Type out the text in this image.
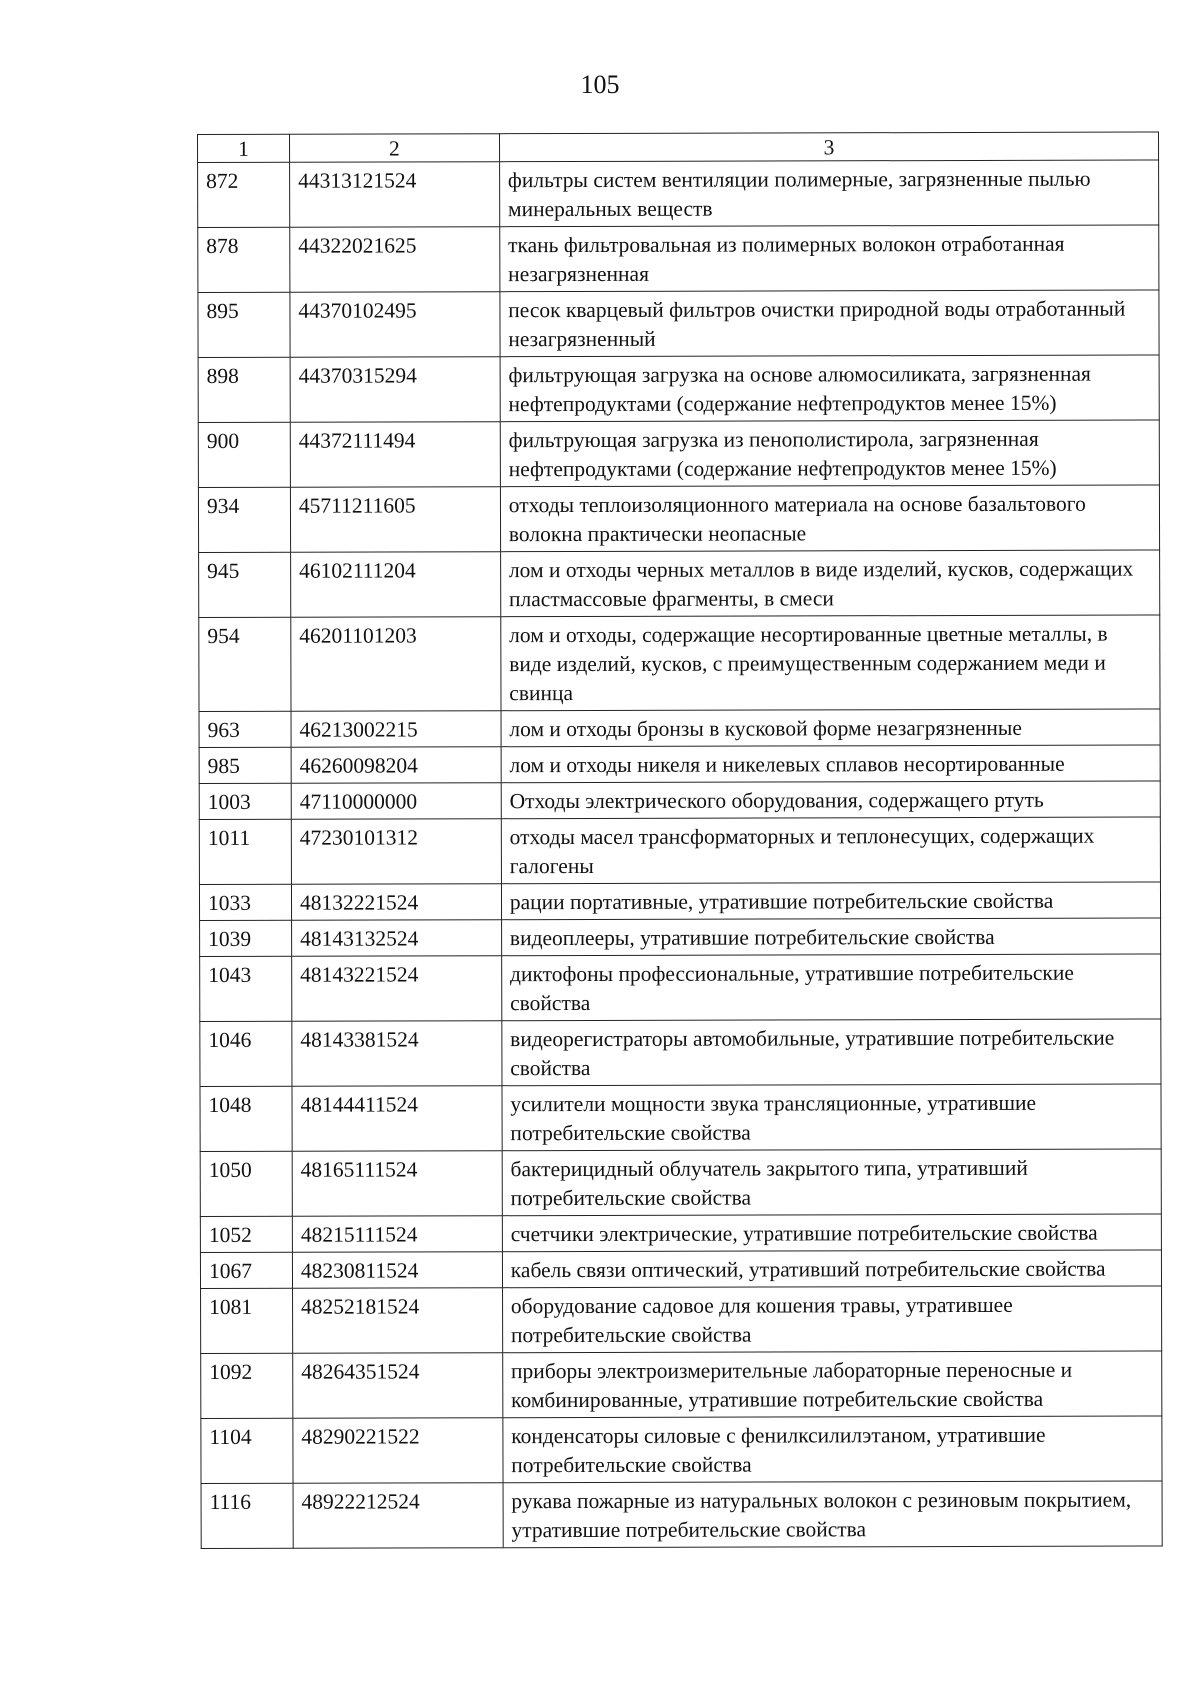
105
1	2	3
872	44313121524	фильтры систем вентиляции полимерные, загрязненные пылью минеральных веществ
878	44322021625	ткань фильтровальная из полимерных волокон отработанная незагрязненная
895	44370102495	песок кварцевый фильтров очистки природной воды отработанный незагрязненный
898	44370315294	фильтрующая загрузка на основе алюмосиликата, загрязненная нефтепродуктами (содержание нефтепродуктов менее 15%)
900	44372111494	фильтрующая загрузка из пенополистирола, загрязненная нефтепродуктами (содержание нефтепродуктов менее 15%)
934	45711211605	отходы теплоизоляционного материала на основе базальтового волокна практически неопасные
945	46102111204	лом и отходы черных металлов в виде изделий, кусков, содержащих пластмассовые фрагменты, в смеси
954	46201101203	лом и отходы, содержащие несортированные цветные металлы, в виде изделий, кусков, с преимущественным содержанием меди и свинца
963	46213002215	лом и отходы бронзы в кусковой форме незагрязненные
985	46260098204	лом и отходы никеля и никелевых сплавов несортированные
1003	47110000000	Отходы электрического оборудования, содержащего ртуть
1011	47230101312	отходы масел трансформаторных и теплонесущих, содержащих галогены
1033	48132221524	рации портативные, утратившие потребительские свойства
1039	48143132524	видеоплееры, утратившие потребительские свойства
1043	48143221524	диктофоны профессиональные, утратившие потребительские свойства
1046	48143381524	видеорегистраторы автомобильные, утратившие потребительские свойства
1048	48144411524	усилители мощности звука трансляционные, утратившие потребительские свойства
1050	48165111524	бактерицидный облучатель закрытого типа, утративший потребительские свойства
1052	48215111524	счетчики электрические, утратившие потребительские свойства
1067	48230811524	кабель связи оптический, утративший потребительские свойства
1081	48252181524	оборудование садовое для кошения травы, утратившее потребительские свойства
1092	48264351524	приборы электроизмерительные лабораторные переносные и комбинированные, утратившие потребительские свойства
1104	48290221522	конденсаторы силовые с фенилксилилэтаном, утратившие потребительские свойства
1116	48922212524	рукава пожарные из натуральных волокон с резиновым покрытием, утратившие потребительские свойства
